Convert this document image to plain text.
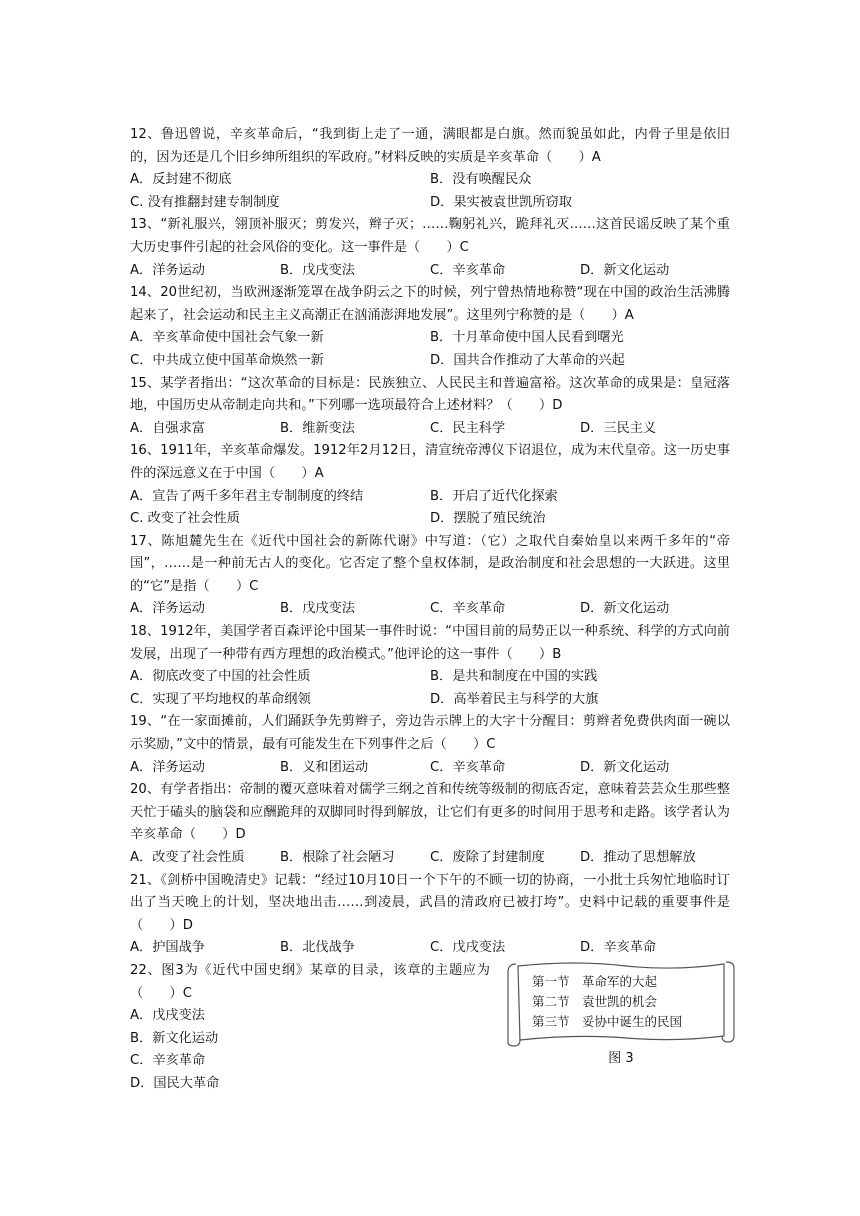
12、鲁迅曾说，辛亥革命后，“我到街上走了一通，满眼都是白旗。然而貌虽如此，内骨子里是依旧的，因为还是几个旧乡绅所组织的军政府。”材料反映的实质是辛亥革命（　　）A
A．反封建不彻底	B．没有唤醒民众
C. 没有推翻封建专制制度	D．果实被袁世凯所窃取
13、“新礼服兴，翎顶补服灭；剪发兴，辫子灭；……鞠躬礼兴，跪拜礼灭……这首民谣反映了某个重大历史事件引起的社会风俗的变化。这一事件是（　　）C
A．洋务运动	B．戊戌变法	C．辛亥革命	D．新文化运动
14、20世纪初，当欧洲逐渐笼罩在战争阴云之下的时候，列宁曾热情地称赞“现在中国的政治生活沸腾起来了，社会运动和民主主义高潮正在汹涌澎湃地发展”。这里列宁称赞的是（　　）A
A．辛亥革命使中国社会气象一新	B．十月革命使中国人民看到曙光
C．中共成立使中国革命焕然一新	D．国共合作推动了大革命的兴起
15、某学者指出：“这次革命的目标是：民族独立、人民民主和普遍富裕。这次革命的成果是：皇冠落地，中国历史从帝制走向共和。”下列哪一选项最符合上述材料？（　　）D
A．自强求富	B．维新变法	C．民主科学	D．三民主义
16、1911年，辛亥革命爆发。1912年2月12日，清宣统帝溥仪下诏退位，成为末代皇帝。这一历史事件的深远意义在于中国（　　）A
A．宣告了两千多年君主专制制度的终结	B．开启了近代化探索
C. 改变了社会性质	D．摆脱了殖民统治
17、陈旭麓先生在《近代中国社会的新陈代谢》中写道：（它）之取代自秦始皇以来两千多年的“帝国”，……是一种前无古人的变化。它否定了整个皇权体制，是政治制度和社会思想的一大跃进。这里的“它”是指（　　）C
A．洋务运动	B．戊戌变法	C．辛亥革命	D．新文化运动
18、1912年，美国学者百森评论中国某一事件时说：“中国目前的局势正以一种系统、科学的方式向前发展，出现了一种带有西方理想的政治模式。”他评论的这一事件（　　）B
A．彻底改变了中国的社会性质	B．是共和制度在中国的实践
C．实现了平均地权的革命纲领	D．高举着民主与科学的大旗
19、“在一家面摊前，人们踊跃争先剪辫子，旁边告示牌上的大字十分醒目：剪辫者免费供肉面一碗以示奖励，”文中的情景，最有可能发生在下列事件之后（　　）C
A．洋务运动	B．义和团运动	C．辛亥革命	D．新文化运动
20、有学者指出：帝制的覆灭意味着对儒学三纲之首和传统等级制的彻底否定，意味着芸芸众生那些整天忙于磕头的脑袋和应酬跪拜的双脚同时得到解放，让它们有更多的时间用于思考和走路。该学者认为辛亥革命（　　）D
A．改变了社会性质	B．根除了社会陋习	C．废除了封建制度	D．推动了思想解放
21、《剑桥中国晚清史》记载：“经过10月10日一个下午的不顾一切的协商，一小批士兵匆忙地临时订出了当天晚上的计划，坚决地出击……到凌晨，武昌的清政府已被打垮”。史料中记载的重要事件是（　　）D
A．护国战争	B．北伐战争	C．戊戌变法	D．辛亥革命
22、图3为《近代中国史纲》某章的目录，该章的主题应为（　　）C
A．戊戌变法
B．新文化运动
C．辛亥革命
D．国民大革命
第一节　革命军的大起
第二节　袁世凯的机会
第三节　妥协中诞生的民国
图 3
